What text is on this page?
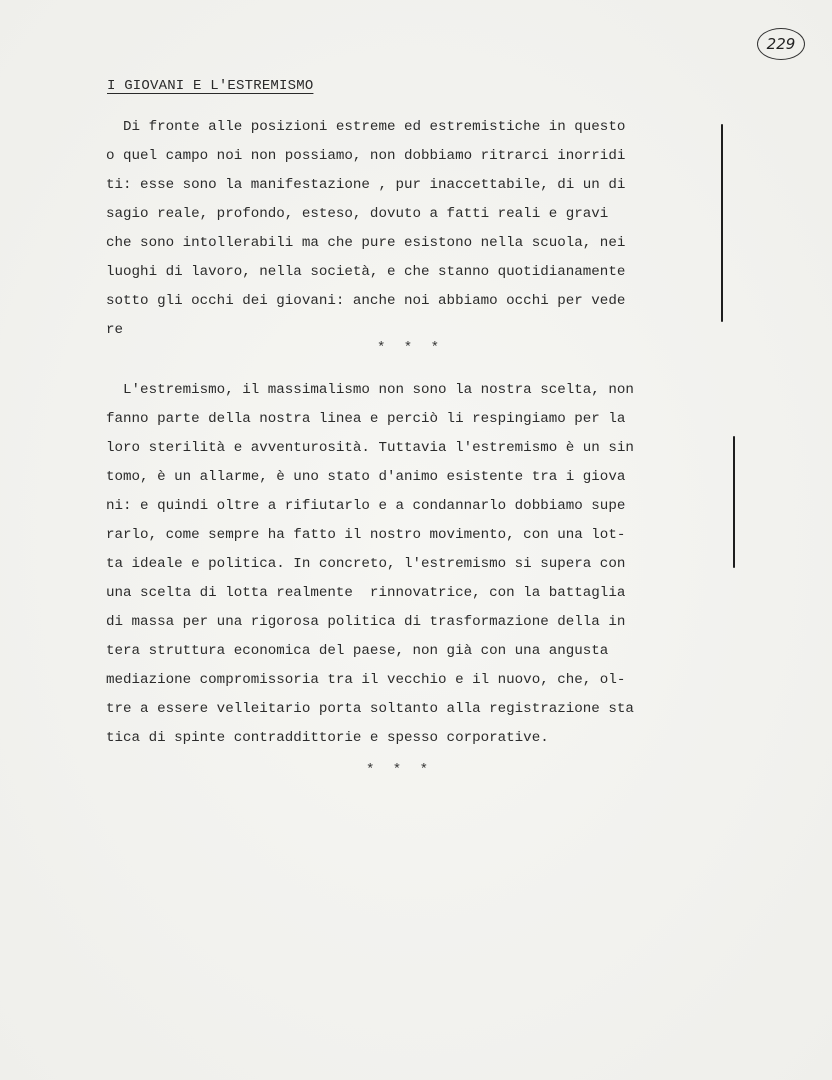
229
I GIOVANI E L'ESTREMISMO
Di fronte alle posizioni estreme ed estremistiche in questo
o quel campo noi non possiamo, non dobbiamo ritrarci inorridi
ti: esse sono la manifestazione , pur inaccettabile, di un di
sagio reale, profondo, esteso, dovuto a fatti reali e gravi
che sono intollerabili ma che pure esistono nella scuola, nei
luoghi di lavoro, nella società, e che stanno quotidianamente
sotto gli occhi dei giovani: anche noi abbiamo occhi per vede
re
* * *
L'estremismo, il massimalismo non sono la nostra scelta, non
fanno parte della nostra linea e perciò li respingiamo per la
loro sterilità e avventurosità. Tuttavia l'estremismo è un sin
tomo, è un allarme, è uno stato d'animo esistente tra i giova
ni: e quindi oltre a rifiutarlo e a condannarlo dobbiamo supe
rarlo, come sempre ha fatto il nostro movimento, con una lot-
ta ideale e politica. In concreto, l'estremismo si supera con
una scelta di lotta realmente  rinnovatrice, con la battaglia
di massa per una rigorosa politica di trasformazione della in
tera struttura economica del paese, non già con una angusta
mediazione compromissoria tra il vecchio e il nuovo, che, ol-
tre a essere velleitario porta soltanto alla registrazione sta
tica di spinte contraddittorie e spesso corporative.
* * *
